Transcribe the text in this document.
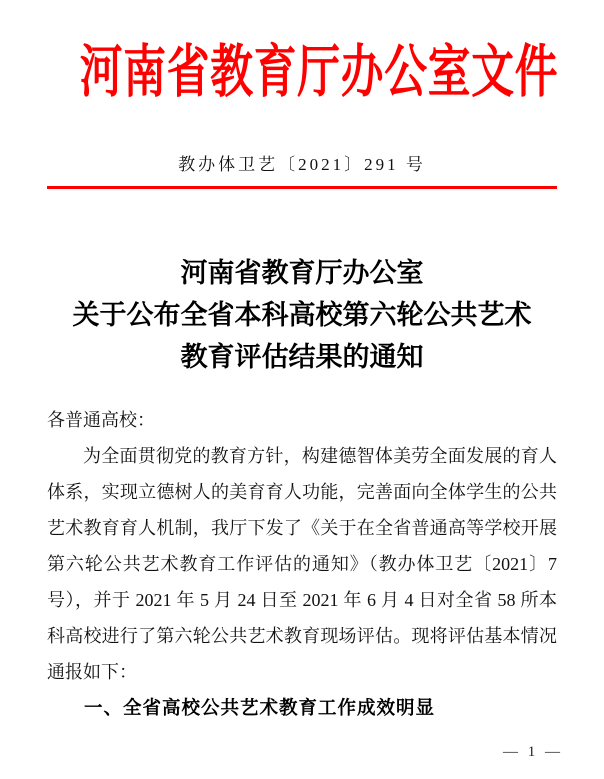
河南省教育厅办公室文件
教办体卫艺〔2021〕291 号
河南省教育厅办公室
关于公布全省本科高校第六轮公共艺术
教育评估结果的通知
各普通高校：
为全面贯彻党的教育方针，构建德智体美劳全面发展的育人体系，实现立德树人的美育育人功能，完善面向全体学生的公共艺术教育育人机制，我厅下发了《关于在全省普通高等学校开展第六轮公共艺术教育工作评估的通知》（教办体卫艺〔2021〕7号），并于 2021 年 5 月 24 日至 2021 年 6 月 4 日对全省 58 所本科高校进行了第六轮公共艺术教育现场评估。现将评估基本情况通报如下：
一、全省高校公共艺术教育工作成效明显
— 1 —
